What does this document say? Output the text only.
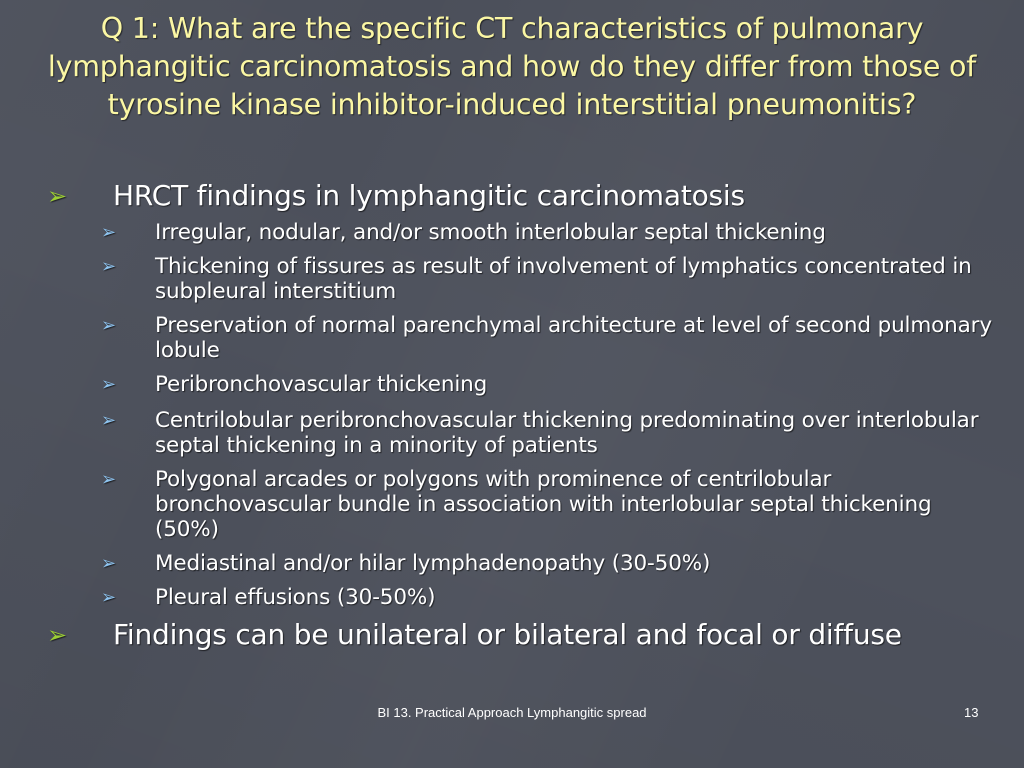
Q 1: What are the specific CT characteristics of pulmonary lymphangitic carcinomatosis and how do they differ from those of tyrosine kinase inhibitor-induced interstitial pneumonitis?
➢ HRCT findings in lymphangitic carcinomatosis
➢ Irregular, nodular, and/or smooth interlobular septal thickening
➢ Thickening of fissures as result of involvement of lymphatics concentrated in subpleural interstitium
➢ Preservation of normal parenchymal architecture at level of second pulmonary lobule
➢ Peribronchovascular thickening
➢ Centrilobular peribronchovascular thickening predominating over interlobular septal thickening in a minority of patients
➢ Polygonal arcades or polygons with prominence of centrilobular bronchovascular bundle in association with interlobular septal thickening (50%)
➢ Mediastinal and/or hilar lymphadenopathy (30-50%)
➢ Pleural effusions (30-50%)
➢ Findings can be unilateral or bilateral and focal or diffuse
BI 13. Practical Approach Lymphangitic spread	13
